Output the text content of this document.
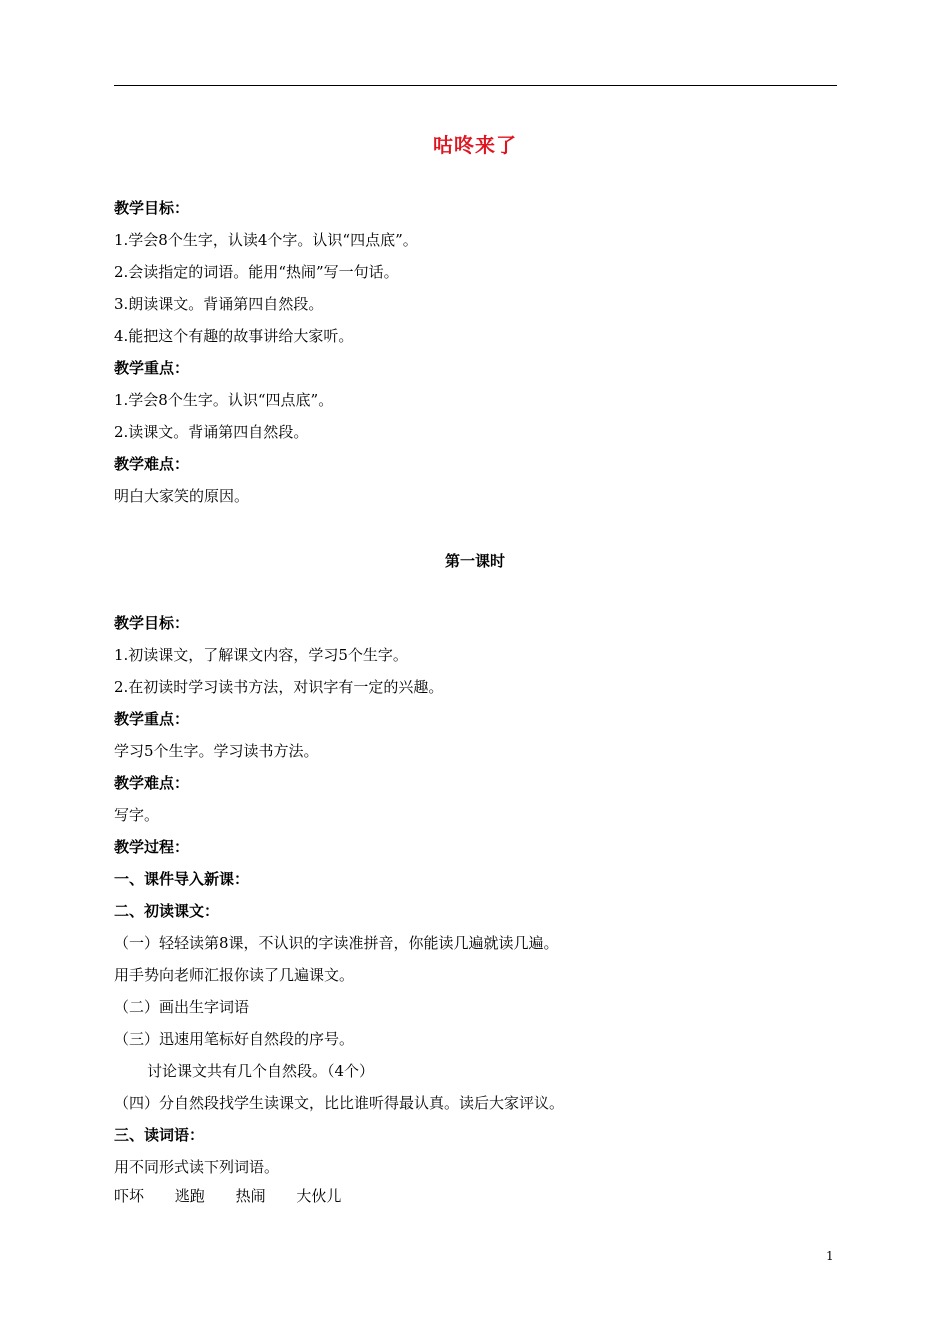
咕咚来了
教学目标：
1.学会8个生字，认读4个字。认识“四点底”。
2.会读指定的词语。能用“热闹”写一句话。
3.朗读课文。背诵第四自然段。
4.能把这个有趣的故事讲给大家听。
教学重点：
1.学会8个生字。认识“四点底”。
2.读课文。背诵第四自然段。
教学难点：
明白大家笑的原因。
第一课时
教学目标：
1.初读课文，了解课文内容，学习5个生字。
2.在初读时学习读书方法，对识字有一定的兴趣。
教学重点：
学习5个生字。学习读书方法。
教学难点：
写字。
教学过程：
一、课件导入新课：
二、初读课文：
（一）轻轻读第8课，不认识的字读准拼音，你能读几遍就读几遍。
用手势向老师汇报你读了几遍课文。
（二）画出生字词语
（三）迅速用笔标好自然段的序号。
讨论课文共有几个自然段。（4个）
（四）分自然段找学生读课文，比比谁听得最认真。读后大家评议。
三、读词语：
用不同形式读下列词语。
吓坏 逃跑 热闹 大伙儿
1
